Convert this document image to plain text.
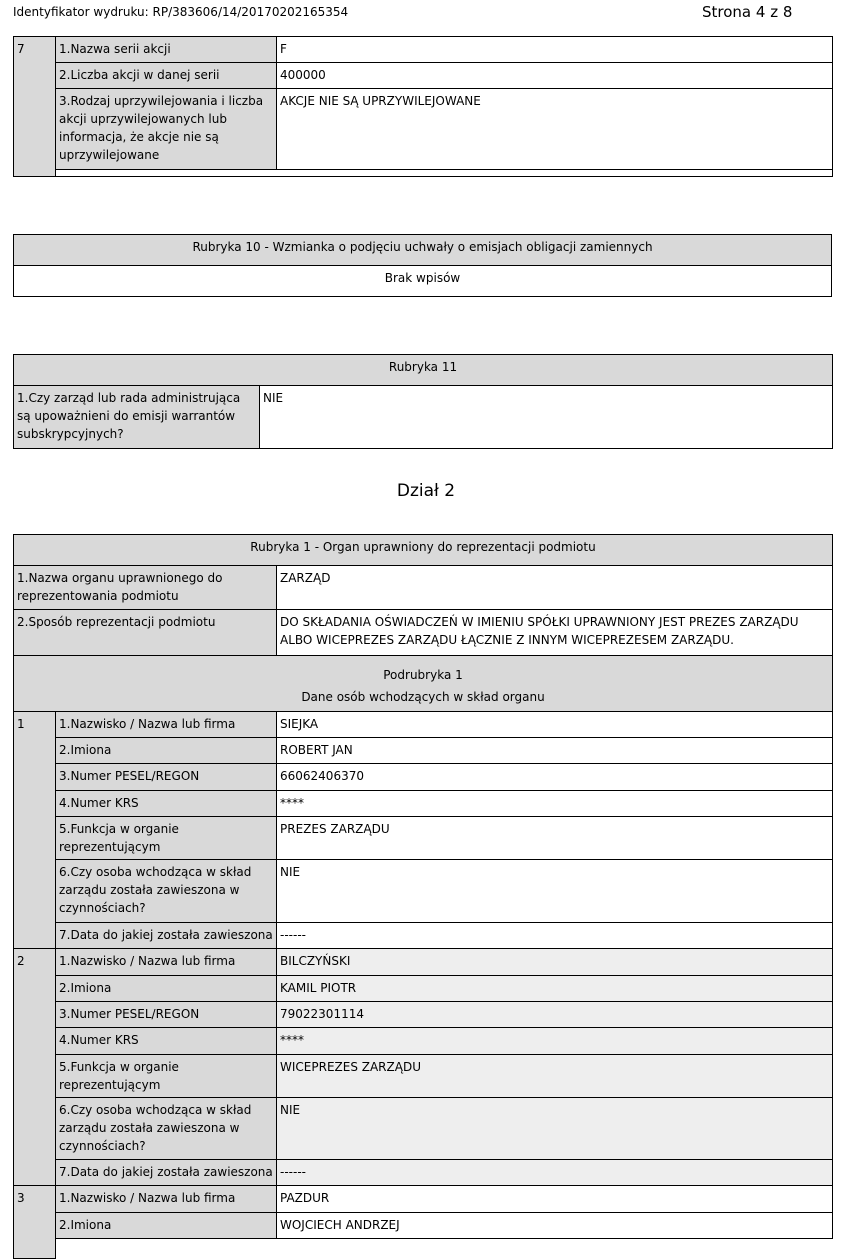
Identyfikator wydruku: RP/383606/14/20170202165354	Strona 4 z 8
7	1.Nazwa serii akcji	F
	2.Liczba akcji w danej serii	400000
	3.Rodzaj uprzywilejowania i liczba akcji uprzywilejowanych lub informacja, że akcje nie są uprzywilejowane	AKCJE NIE SĄ UPRZYWILEJOWANE

Rubryka 10 - Wzmianka o podjęciu uchwały o emisjach obligacji zamiennych
Brak wpisów
Rubryka 11
1.Czy zarząd lub rada administrująca są upoważnieni do emisji warrantów subskrypcyjnych?	NIE
Dział 2
Rubryka 1 - Organ uprawniony do reprezentacji podmiotu		
1.Nazwa organu uprawnionego do reprezentowania podmiotu		ZARZĄD
2.Sposób reprezentacji podmiotu		DO SKŁADANIA OŚWIADCZEŃ W IMIENIU SPÓŁKI UPRAWNIONY JEST PREZES ZARZĄDU ALBO WICEPREZES ZARZĄDU ŁĄCZNIE Z INNYM WICEPREZESEM ZARZĄDU.

Podrubryka 1
Dane osób wchodzących w skład organu		

1	1.Nazwisko / Nazwa lub firma	SIEJKA
	2.Imiona	ROBERT JAN
	3.Numer PESEL/REGON	66062406370
	4.Numer KRS	****
	5.Funkcja w organie reprezentującym	PREZES ZARZĄDU
	6.Czy osoba wchodząca w skład zarządu została zawieszona w czynnościach?	NIE
	7.Data do jakiej została zawieszona	------
2	1.Nazwisko / Nazwa lub firma	BILCZYŃSKI
	2.Imiona	KAMIL PIOTR
	3.Numer PESEL/REGON	79022301114
	4.Numer KRS	****
	5.Funkcja w organie reprezentującym	WICEPREZES ZARZĄDU
	6.Czy osoba wchodząca w skład zarządu została zawieszona w czynnościach?	NIE
	7.Data do jakiej została zawieszona	------
3	1.Nazwisko / Nazwa lub firma	PAZDUR
	2.Imiona	WOJCIECH ANDRZEJ
